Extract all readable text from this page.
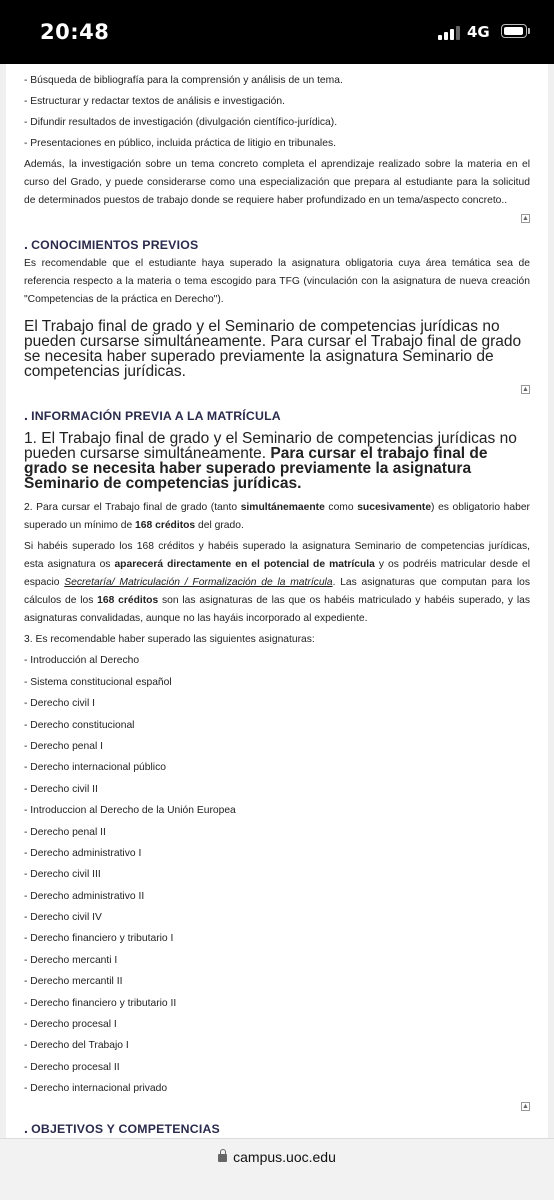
20:48	4G
- Búsqueda de bibliografía para la comprensión y análisis de un tema.
- Estructurar y redactar textos de análisis e investigación.
- Difundir resultados de investigación (divulgación científico-jurídica).
- Presentaciones en público, incluida práctica de litigio en tribunales.
Además, la investigación sobre un tema concreto completa el aprendizaje realizado sobre la materia en el curso del Grado, y puede considerarse como una especialización que prepara al estudiante para la solicitud de determinados puestos de trabajo donde se requiere haber profundizado en un tema/aspecto concreto..
▲
. CONOCIMIENTOS PREVIOS
Es recomendable que el estudiante haya superado la asignatura obligatoria cuya área temática sea de referencia respecto a la materia o tema escogido para TFG (vinculación con la asignatura de nueva creación "Competencias de la práctica en Derecho").
El Trabajo final de grado y el Seminario de competencias jurídicas no pueden cursarse simultáneamente. Para cursar el Trabajo final de grado se necesita haber superado previamente la asignatura Seminario de competencias jurídicas.
▲
. INFORMACIÓN PREVIA A LA MATRÍCULA
1. El Trabajo final de grado y el Seminario de competencias jurídicas no pueden cursarse simultáneamente. Para cursar el trabajo final de grado se necesita haber superado previamente la asignatura Seminario de competencias jurídicas.
2. Para cursar el Trabajo final de grado (tanto simultánemaente como sucesivamente) es obligatorio haber superado un mínimo de 168 créditos del grado.
Si habéis superado los 168 créditos y habéis superado la asignatura Seminario de competencias jurídicas, esta asignatura os aparecerá directamente en el potencial de matrícula y os podréis matricular desde el espacio Secretaría/ Matriculación / Formalización de la matrícula. Las asignaturas que computan para los cálculos de los 168 créditos son las asignaturas de las que os habéis matriculado y habéis superado, y las asignaturas convalidadas, aunque no las hayáis incorporado al expediente.
3. Es recomendable haber superado las siguientes asignaturas:
- Introducción al Derecho
- Sistema constitucional español
- Derecho civil I
- Derecho constitucional
- Derecho penal I
- Derecho internacional público
- Derecho civil II
- Introduccion al Derecho de la Unión Europea
- Derecho penal II
- Derecho administrativo I
- Derecho civil III
- Derecho administrativo II
- Derecho civil IV
- Derecho financiero y tributario I
- Derecho mercanti I
- Derecho mercantil II
- Derecho financiero y tributario II
- Derecho procesal I
- Derecho del Trabajo I
- Derecho procesal II
- Derecho internacional privado
▲
. OBJETIVOS Y COMPETENCIAS
campus.uoc.edu
